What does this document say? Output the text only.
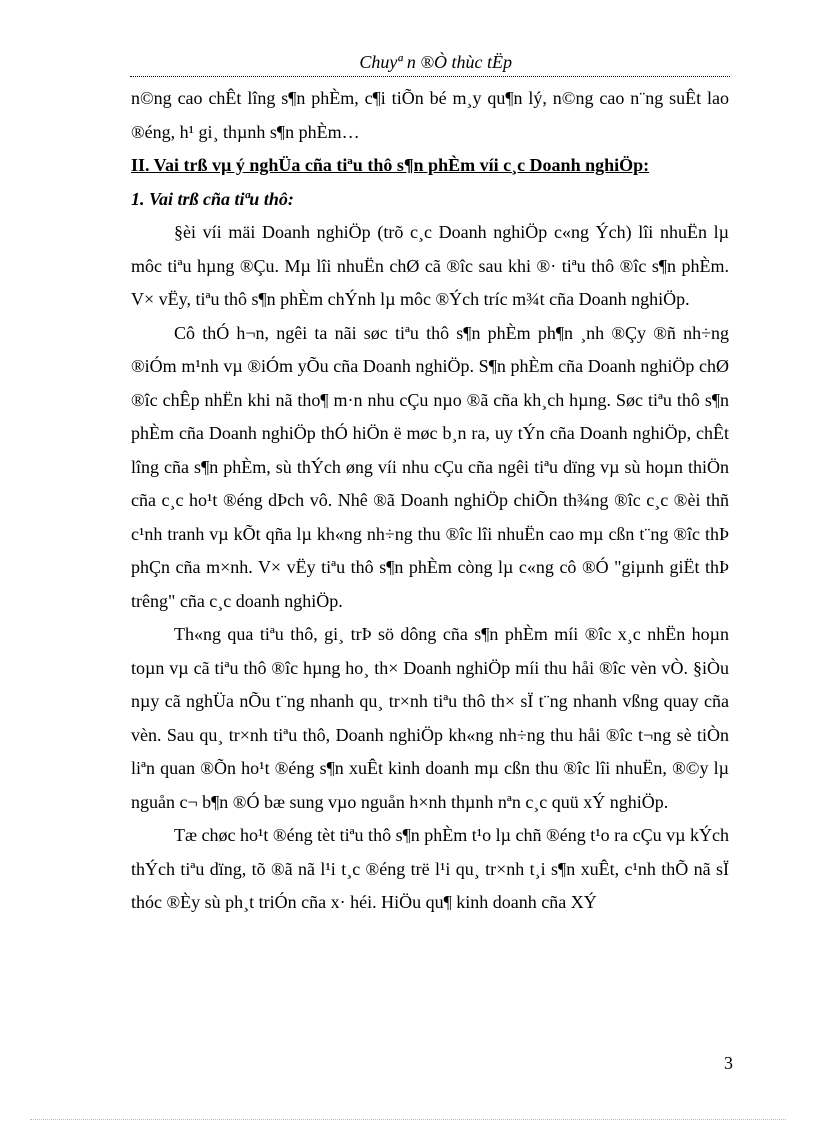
Chuyª n ®Ò thùc tËp

n©ng cao chÊt lîng s¶n phÈm, c¶i tiÕn bé m¸y qu¶n lý, n©ng cao n¨ng suÊt lao ®éng, h¹ gi¸ thµnh s¶n phÈm…

II. Vai trß vµ ý nghÜa cña tiªu thô s¶n phÈm víi c¸c Doanh nghiÖp:

1. Vai trß cña tiªu thô:

§èi víi mäi Doanh nghiÖp (trõ c¸c Doanh nghiÖp c«ng Ých) lîi nhuËn lµ môc tiªu hµng ®Çu. Mµ lîi nhuËn chØ cã ®îc sau khi ®· tiªu thô ®îc s¶n phÈm. V× vËy, tiªu thô s¶n phÈm chÝnh lµ môc ®Ých tríc m¾t cña Doanh nghiÖp.

Cô thÓ h¬n, ngêi ta nãi søc tiªu thô s¶n phÈm ph¶n ¸nh ®Çy ®ñ nh÷ng ®iÓm m¹nh vµ ®iÓm yÕu cña Doanh nghiÖp. S¶n phÈm cña Doanh nghiÖp chØ ®îc chÊp nhËn khi nã tho¶ m·n nhu cÇu nµo ®ã cña kh¸ch hµng. Søc tiªu thô s¶n phÈm cña Doanh nghiÖp thÓ hiÖn ë møc b¸n ra, uy tÝn cña Doanh nghiÖp, chÊt lîng cña s¶n phÈm, sù thÝch øng víi nhu cÇu cña ngêi tiªu dïng vµ sù hoµn thiÖn cña c¸c ho¹t ®éng dÞch vô. Nhê ®ã Doanh nghiÖp chiÕn th¾ng ®îc c¸c ®èi thñ c¹nh tranh vµ kÕt qña lµ kh«ng nh÷ng thu ®îc lîi nhuËn cao mµ cßn t¨ng ®îc thÞ phÇn cña m×nh. V× vËy tiªu thô s¶n phÈm còng lµ c«ng cô ®Ó "giµnh giËt thÞ trêng" cña c¸c doanh nghiÖp.

Th«ng qua tiªu thô, gi¸ trÞ sö dông cña s¶n phÈm míi ®îc x¸c nhËn hoµn toµn vµ cã tiªu thô ®îc hµng ho¸ th× Doanh nghiÖp míi thu håi ®îc vèn vÒ. §iÒu nµy cã nghÜa nÕu t¨ng nhanh qu¸ tr×nh tiªu thô th× sÏ t¨ng nhanh vßng quay cña vèn. Sau qu¸ tr×nh tiªu thô, Doanh nghiÖp kh«ng nh÷ng thu håi ®îc t¬ng sè tiÒn liªn quan ®Õn ho¹t ®éng s¶n xuÊt kinh doanh mµ cßn thu ®îc lîi nhuËn, ®©y lµ nguån c¬ b¶n ®Ó bæ sung vµo nguån h×nh thµnh nªn c¸c quü xÝ nghiÖp.

Tæ chøc ho¹t ®éng tèt tiªu thô s¶n phÈm t¹o lµ chñ ®éng t¹o ra cÇu vµ kÝch thÝch tiªu dïng, tõ ®ã nã l¹i t¸c ®éng trë l¹i qu¸ tr×nh t¸i s¶n xuÊt, c¹nh thÕ nã sÏ thóc ®Èy sù ph¸t triÓn cña x· héi. HiÖu qu¶ kinh doanh cña XÝ

3
